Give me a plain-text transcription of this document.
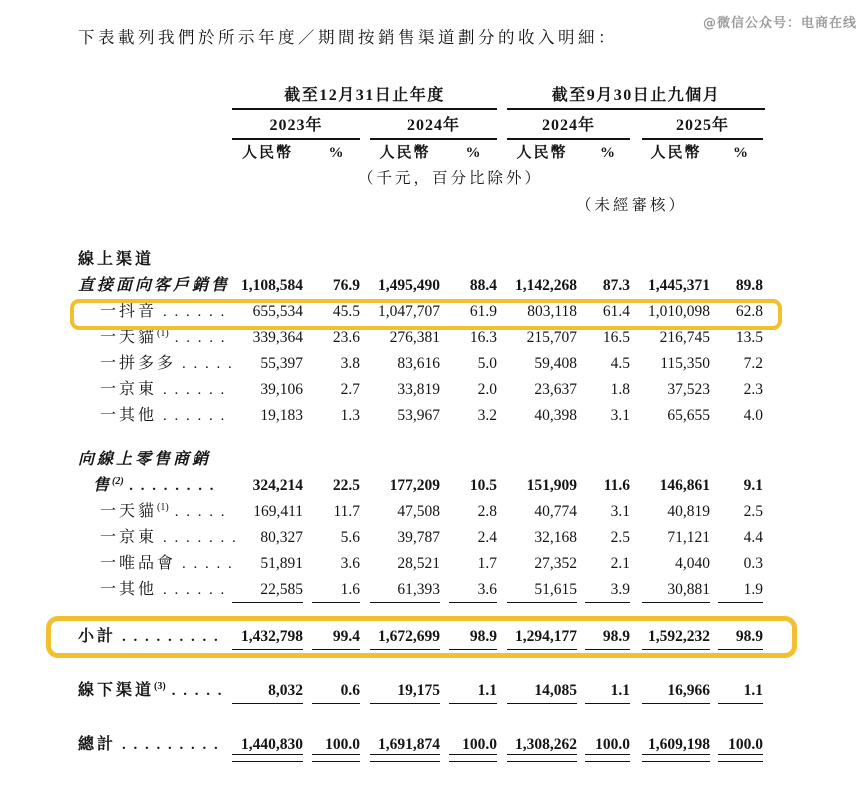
@微信公众号：电商在线
下表載列我們於所示年度／期間按銷售渠道劃分的收入明細：
截至12月31日止年度	截至9月30日止九個月
2023年	2024年	2024年	2025年
人民幣	%	人民幣	%	人民幣	%	人民幣	%
（千元，百分比除外）
（未經審核）
線上渠道
直接面向客戶銷售 1,108,584	76.9	1,495,490	88.4	1,142,268	87.3	1,445,371	89.8
一抖音 . . . . . .	655,534	45.5	1,047,707	61.9	803,118	61.4	1,010,098	62.8
一天貓$^{(1)}$ . . . . .	339,364	23.6	276,381	16.3	215,707	16.5	216,745	13.5
一拼多多 . . . . .	55,397	3.8	83,616	5.0	59,408	4.5	115,350	7.2
一京東 . . . . . .	39,106	2.7	33,819	2.0	23,637	1.8	37,523	2.3
一其他 . . . . . .	19,183	1.3	53,967	3.2	40,398	3.1	65,655	4.0
向線上零售商銷
售$^{(2)}$ . . . . . . . .	324,214	22.5	177,209	10.5	151,909	11.6	146,861	9.1
一天貓$^{(1)}$ . . . . .	169,411	11.7	47,508	2.8	40,774	3.1	40,819	2.5
一京東 . . . . . . .	80,327	5.6	39,787	2.4	32,168	2.5	71,121	4.4
一唯品會 . . . . .	51,891	3.6	28,521	1.7	27,352	2.1	4,040	0.3
一其他 . . . . . .	22,585	1.6	61,393	3.6	51,615	3.9	30,881	1.9
小計 . . . . . . . . .	1,432,798	99.4	1,672,699	98.9	1,294,177	98.9	1,592,232	98.9
線下渠道$^{(3)}$ . . . . .	8,032	0.6	19,175	1.1	14,085	1.1	16,966	1.1
總計 . . . . . . . . .	1,440,830	100.0	1,691,874	100.0	1,308,262	100.0	1,609,198	100.0
